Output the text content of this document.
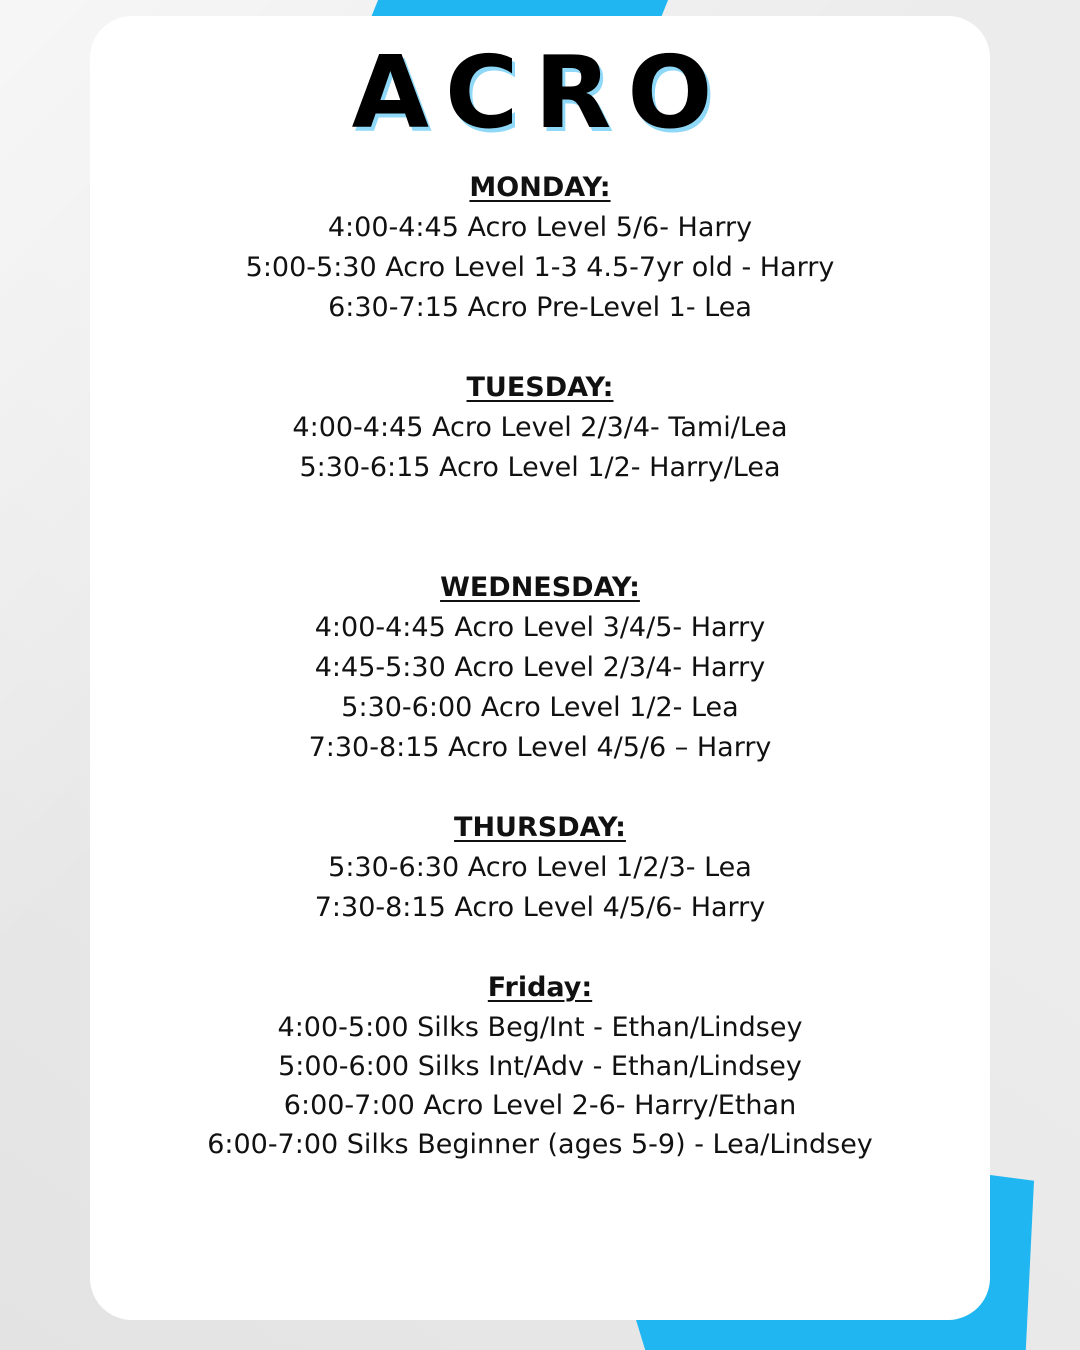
ACRO
MONDAY:
4:00-4:45 Acro Level 5/6- Harry
5:00-5:30 Acro Level 1-3 4.5-7yr old - Harry
6:30-7:15 Acro Pre-Level 1- Lea
TUESDAY:
4:00-4:45 Acro Level 2/3/4- Tami/Lea
5:30-6:15 Acro Level 1/2- Harry/Lea
WEDNESDAY:
4:00-4:45 Acro Level 3/4/5- Harry
4:45-5:30 Acro Level 2/3/4- Harry
5:30-6:00 Acro Level 1/2- Lea
7:30-8:15 Acro Level 4/5/6 – Harry
THURSDAY:
5:30-6:30 Acro Level 1/2/3- Lea
7:30-8:15 Acro Level 4/5/6- Harry
Friday:
4:00-5:00 Silks Beg/Int - Ethan/Lindsey
5:00-6:00 Silks Int/Adv - Ethan/Lindsey
6:00-7:00 Acro Level 2-6- Harry/Ethan
6:00-7:00 Silks Beginner (ages 5-9) - Lea/Lindsey
